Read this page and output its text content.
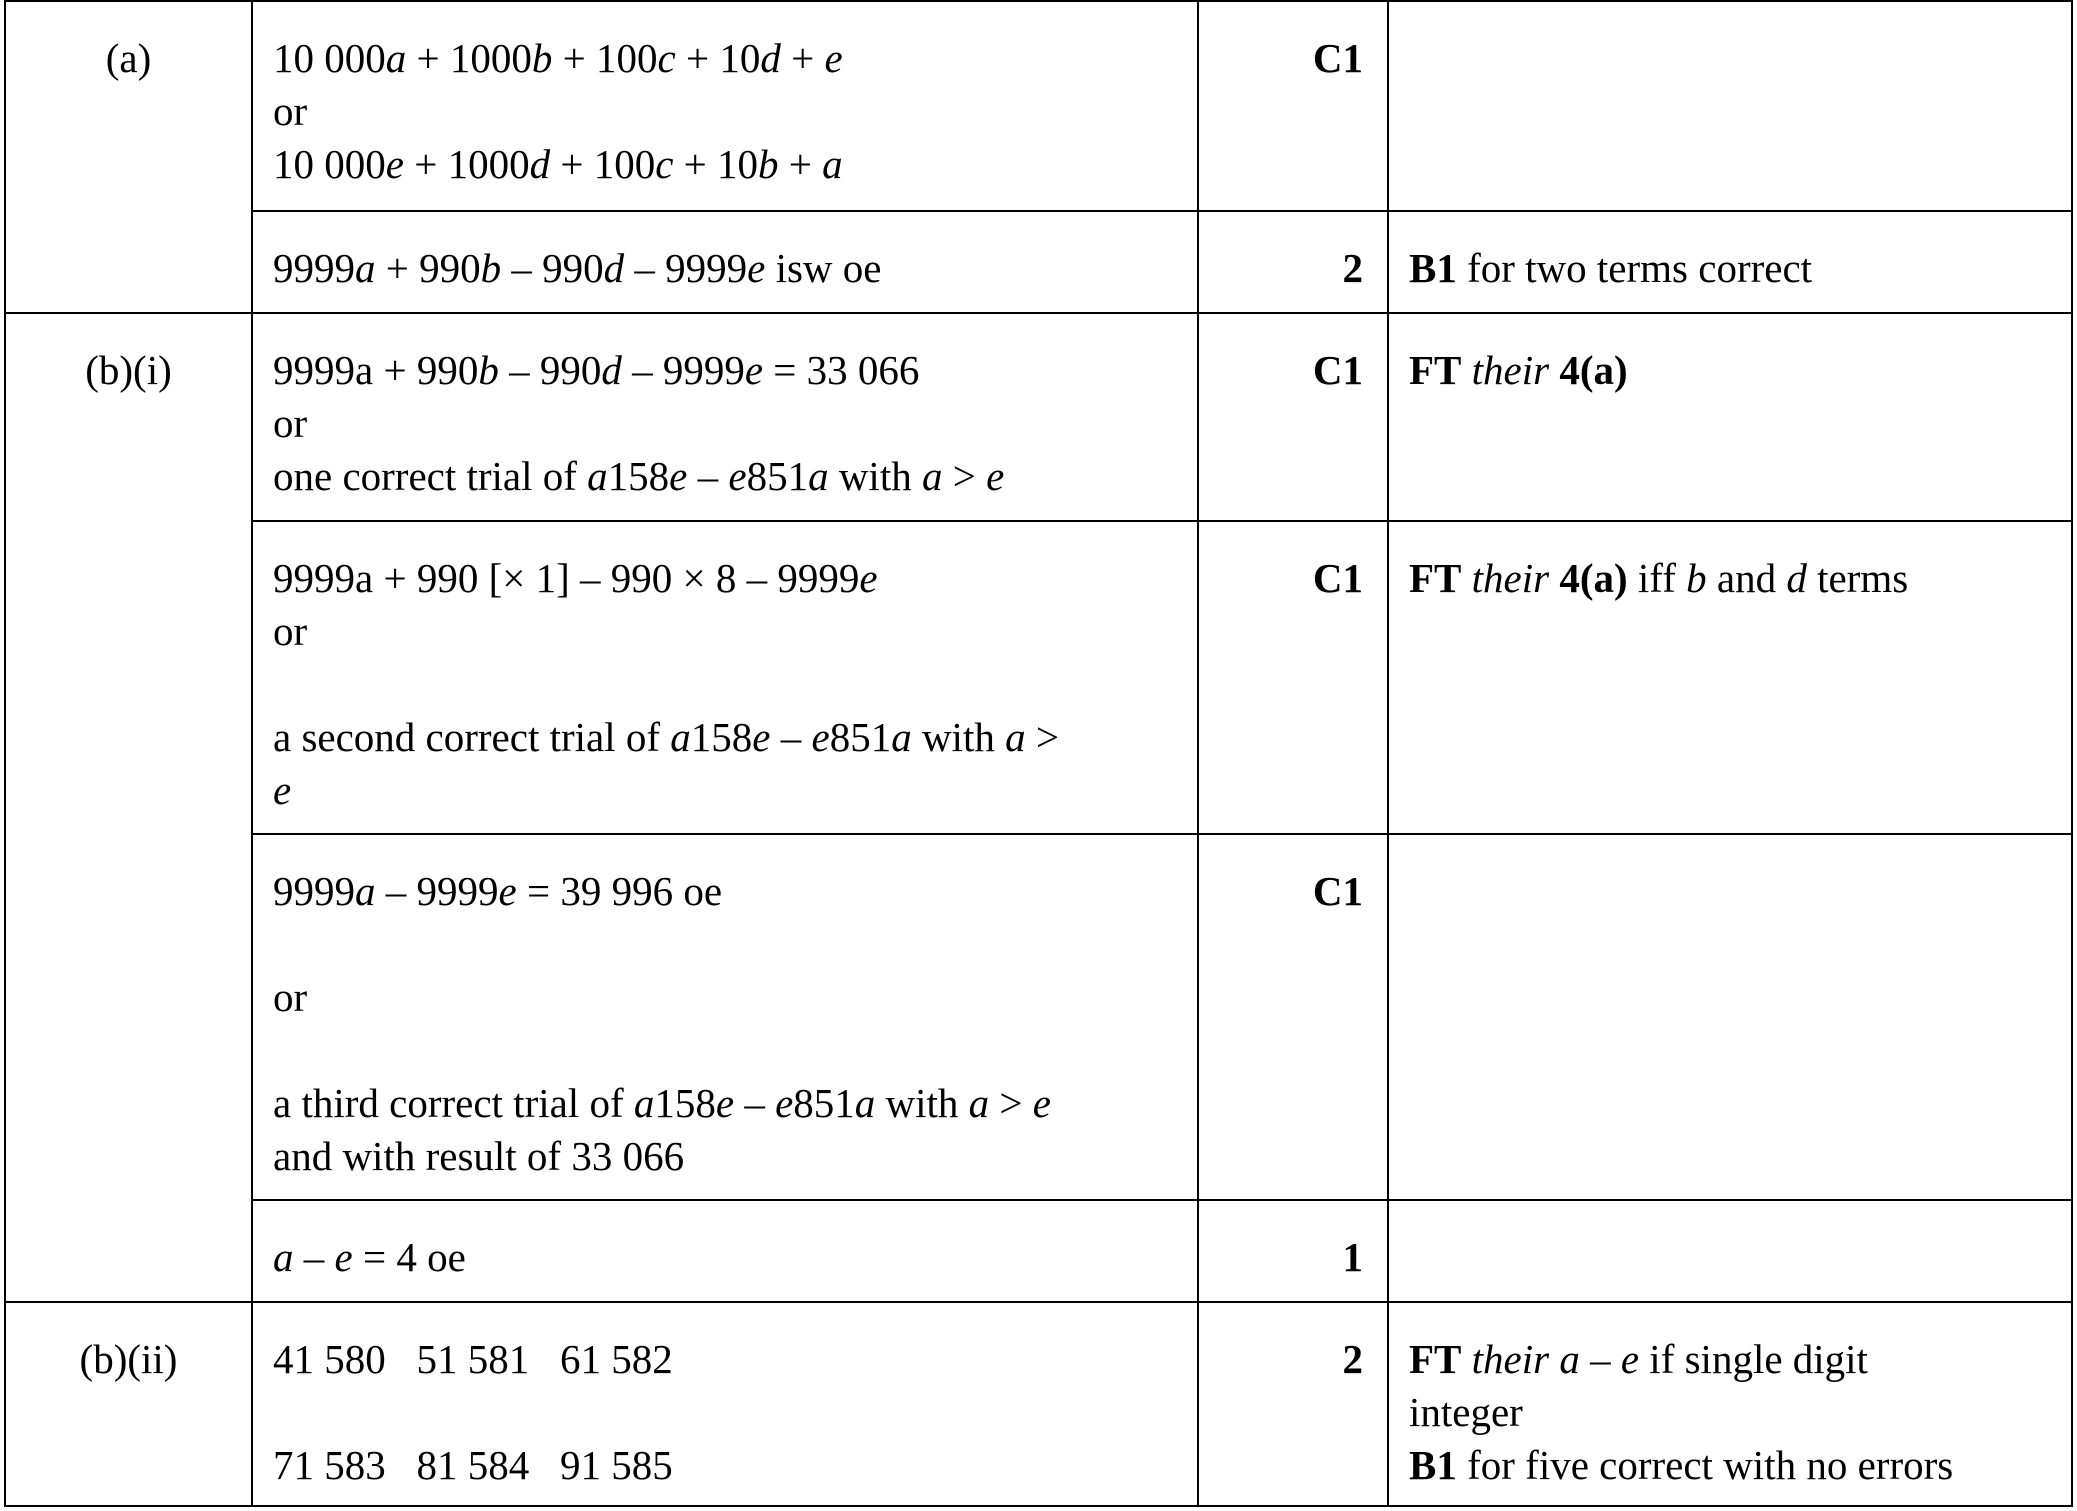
(a)	10 000a + 1000b + 100c + 10d + e
or
10 000e + 1000d + 100c + 10b + a	C1	

	9999a + 990b – 990d – 9999e isw oe	2	B1 for two terms correct

(b)(i)	9999a + 990b – 990d – 9999e = 33 066
or
one correct trial of a158e – e851a with a > e	C1	FT their 4(a)

	9999a + 990 [× 1] – 990 × 8 – 9999e
or
a second correct trial of a158e – e851a with a >
e	C1	FT their 4(a) iff b and d terms

	9999a – 9999e = 39 996 oe
or
a third correct trial of a158e – e851a with a > e
and with result of 33 066	C1	

	a – e = 4 oe	1	
(b)(ii)	41 580   51 581   61 582
71 583   81 584   91 585	2	FT their a – e if single digit
integer
B1 for five correct with no errors
